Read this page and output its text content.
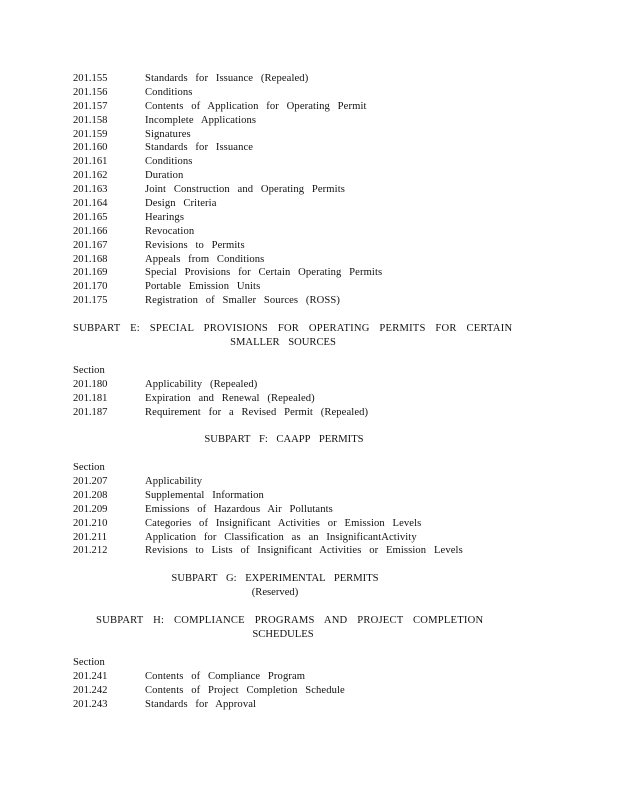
201.155	Standards for Issuance (Repealed)
201.156	Conditions
201.157	Contents of Application for Operating Permit
201.158	Incomplete Applications
201.159	Signatures
201.160	Standards for Issuance
201.161	Conditions
201.162	Duration
201.163	Joint Construction and Operating Permits
201.164	Design Criteria
201.165	Hearings
201.166	Revocation
201.167	Revisions to Permits
201.168	Appeals from Conditions
201.169	Special Provisions for Certain Operating Permits
201.170	Portable Emission Units
201.175	Registration of Smaller Sources (ROSS)
SUBPART E: SPECIAL PROVISIONS FOR OPERATING PERMITS FOR CERTAIN
SMALLER SOURCES
Section
201.180	Applicability (Repealed)
201.181	Expiration and Renewal (Repealed)
201.187	Requirement for a Revised Permit (Repealed)
SUBPART F: CAAPP PERMITS
Section
201.207	Applicability
201.208	Supplemental Information
201.209	Emissions of Hazardous Air Pollutants
201.210	Categories of Insignificant Activities or Emission Levels
201.211	Application for Classification as an InsignificantActivity
201.212	Revisions to Lists of Insignificant Activities or Emission Levels
SUBPART G: EXPERIMENTAL PERMITS
(Reserved)
SUBPART H: COMPLIANCE PROGRAMS AND PROJECT COMPLETION
SCHEDULES
Section
201.241	Contents of Compliance Program
201.242	Contents of Project Completion Schedule
201.243	Standards for Approval
